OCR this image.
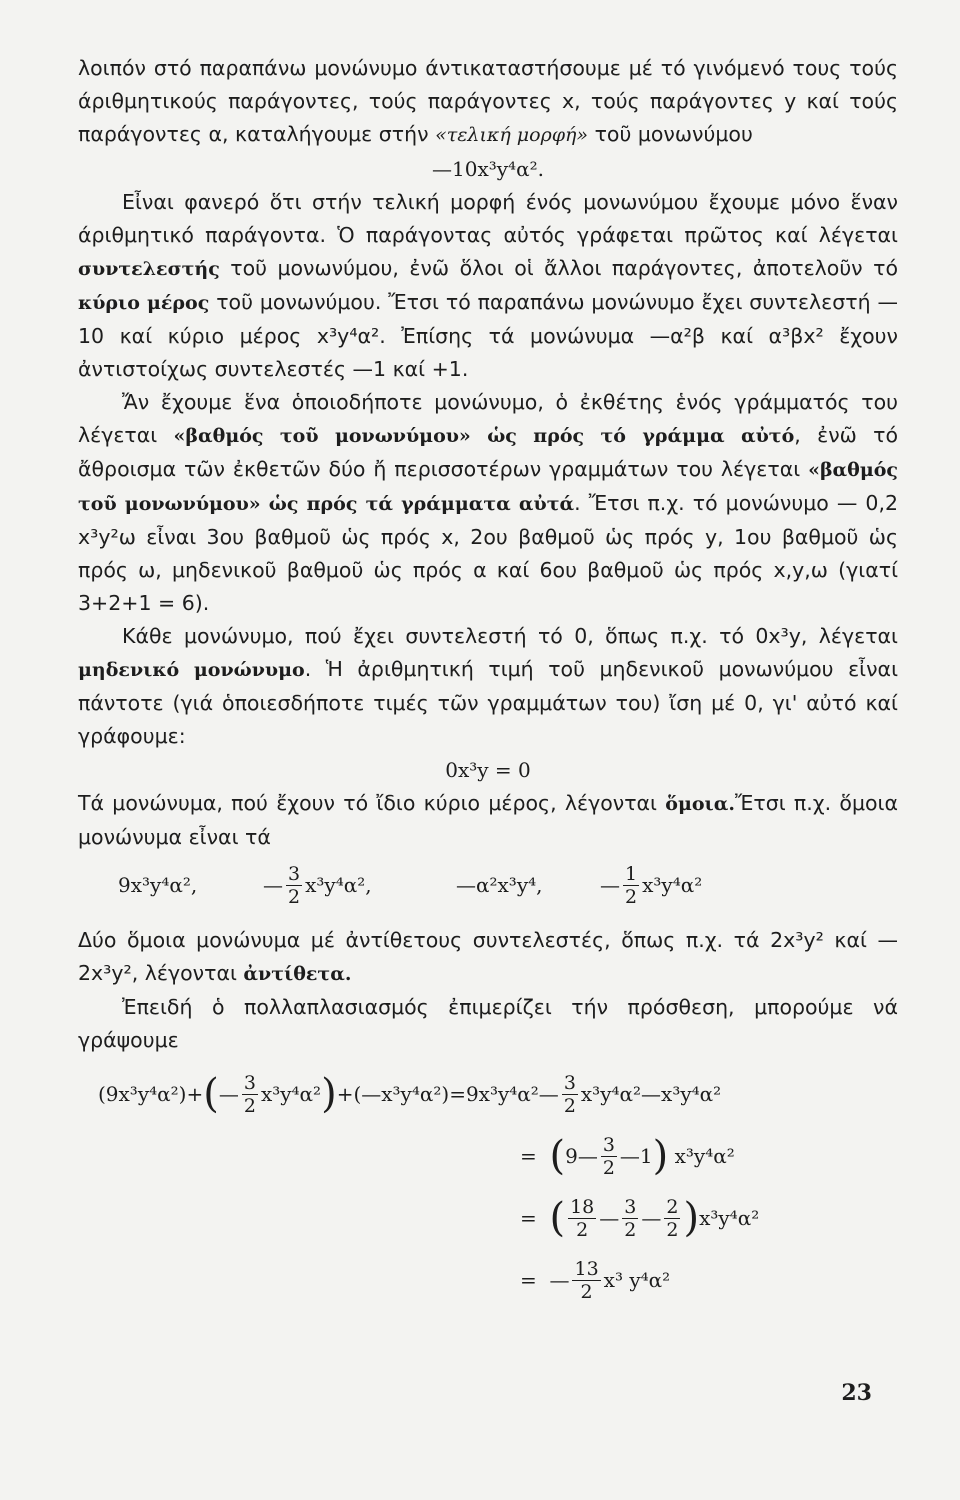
λοιπόν στό παραπάνω μονώνυμο άντικαταστήσουμε μέ τό γινόμενό τους τούς άριθμητικούς παράγοντες, τούς παράγοντες x, τούς παράγοντες y καί τούς παράγοντες α, καταλήγουμε στήν «τελική μορφή» τοῦ μονωνύμου

—10x³y⁴α².

Εἶναι φανερό ὅτι στήν τελική μορφή ένός μονωνύμου ἔχουμε μόνο ἕναν άριθμητικό παράγοντα. Ὁ παράγοντας αὐτός γράφεται πρῶτος καί λέγεται συντελεστής τοῦ μονωνύμου, ἐνῶ ὅλοι οἱ ἄλλοι παράγοντες, ἀποτελοῦν τό κύριο μέρος τοῦ μονωνύμου. Ἔτσι τό παραπάνω μονώνυμο ἔχει συντελεστή —10 καί κύριο μέρος x³y⁴α². Ἐπίσης τά μονώνυμα —α²β καί α³βx² ἔχουν ἀντιστοίχως συντελεστές —1 καί +1.

Ἄν ἔχουμε ἕνα ὁποιοδήποτε μονώνυμο, ὁ ἐκθέτης ἑνός γράμματός του λέγεται «βαθμός τοῦ μονωνύμου» ὡς πρός τό γράμμα αὐτό, ἐνῶ τό ἄθροισμα τῶν ἐκθετῶν δύο ἤ περισσοτέρων γραμμάτων του λέγεται «βαθμός τοῦ μονωνύμου» ὡς πρός τά γράμματα αὐτά. Ἔτσι π.χ. τό μονώνυμο — 0,2 x³y²ω εἶναι 3ου βαθμοῦ ὡς πρός x, 2ου βαθμοῦ ὡς πρός y, 1ου βαθμοῦ ὡς πρός ω, μηδενικοῦ βαθμοῦ ὡς πρός α καί 6ου βαθμοῦ ὡς πρός x,y,ω (γιατί 3+2+1 = 6).

Κάθε μονώνυμο, πού ἔχει συντελεστή τό 0, ὅπως π.χ. τό 0x³y, λέγεται μηδενικό μονώνυμο. Ἡ ἀριθμητική τιμή τοῦ μηδενικοῦ μονωνύμου εἶναι πάντοτε (γιά ὁποιεσδήποτε τιμές τῶν γραμμάτων του) ἴση μέ 0, γι' αὐτό καί γράφουμε:

0x³y = 0

Τά μονώνυμα, πού ἔχουν τό ἴδιο κύριο μέρος, λέγονται ὅμοια.Ἔτσι π.χ. ὅμοια μονώνυμα εἶναι τά

9x³y⁴α²,	— $\frac{3}{2} x^3y^4\alpha^2$,	—α²x³y⁴,	— $\frac{1}{2} x^3y^4\alpha^2$

Δύο ὅμοια μονώνυμα μέ ἀντίθετους συντελεστές, ὅπως π.χ. τά 2x³y² καί —2x³y², λέγονται ἀντίθετα.

Ἐπειδή ὁ πολλαπλασιασμός ἐπιμερίζει τήν πρόσθεση, μπορούμε νά γράψουμε

(9x³y⁴α²)+ ( — $\frac{3}{2} x^3y^4\alpha^2$ ) +(—x³y⁴α²)=9x³y⁴α²— $\frac{3}{2}$ x³y⁴α²—x³y⁴α²
=
( 9— $\frac{3}{2}$ —1 )
x³y⁴α²
=
( $\frac{18}{2}$ — $\frac{3}{2}$ — $\frac{2}{2}$ ) x³y⁴α²
=
— $\frac{13}{2} x^3$ y⁴α²
23
